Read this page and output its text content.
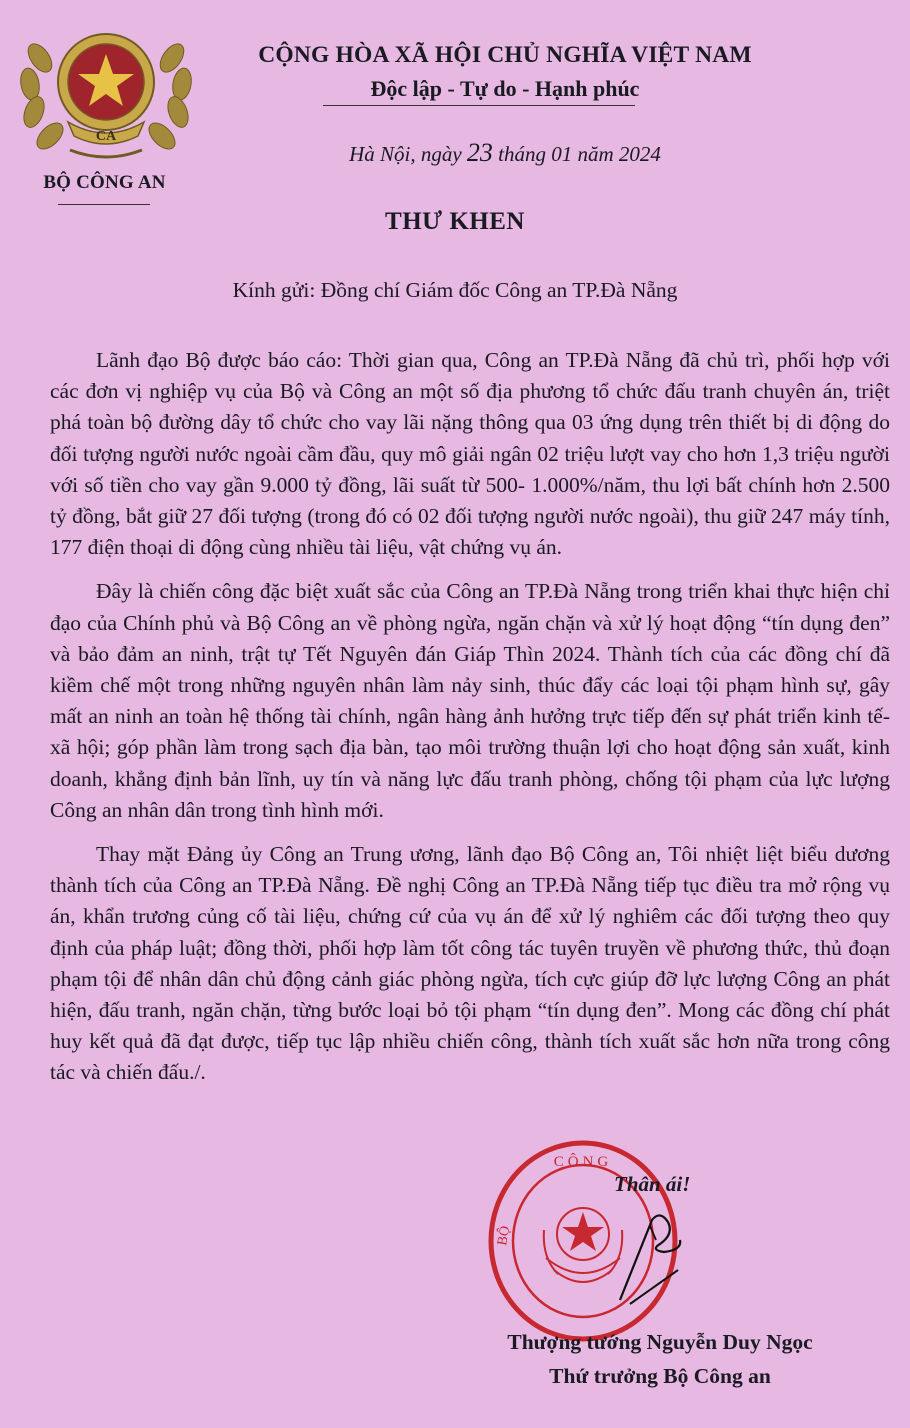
CA
BỘ CÔNG AN
CỘNG HÒA XÃ HỘI CHỦ NGHĨA VIỆT NAM
Độc lập - Tự do - Hạnh phúc
Hà Nội, ngày 23 tháng 01 năm 2024
THƯ KHEN
Kính gửi: Đồng chí Giám đốc Công an TP.Đà Nẵng

Lãnh đạo Bộ được báo cáo: Thời gian qua, Công an TP.Đà Nẵng đã chủ trì, phối hợp với các đơn vị nghiệp vụ của Bộ và Công an một số địa phương tổ chức đấu tranh chuyên án, triệt phá toàn bộ đường dây tổ chức cho vay lãi nặng thông qua 03 ứng dụng trên thiết bị di động do đối tượng người nước ngoài cầm đầu, quy mô giải ngân 02 triệu lượt vay cho hơn 1,3 triệu người với số tiền cho vay gần 9.000 tỷ đồng, lãi suất từ 500- 1.000%/năm, thu lợi bất chính hơn 2.500 tỷ đồng, bắt giữ 27 đối tượng (trong đó có 02 đối tượng người nước ngoài), thu giữ 247 máy tính, 177 điện thoại di động cùng nhiều tài liệu, vật chứng vụ án.

Đây là chiến công đặc biệt xuất sắc của Công an TP.Đà Nẵng trong triển khai thực hiện chỉ đạo của Chính phủ và Bộ Công an về phòng ngừa, ngăn chặn và xử lý hoạt động “tín dụng đen” và bảo đảm an ninh, trật tự Tết Nguyên đán Giáp Thìn 2024. Thành tích của các đồng chí đã kiềm chế một trong những nguyên nhân làm nảy sinh, thúc đẩy các loại tội phạm hình sự, gây mất an ninh an toàn hệ thống tài chính, ngân hàng ảnh hưởng trực tiếp đến sự phát triển kinh tế-xã hội; góp phần làm trong sạch địa bàn, tạo môi trường thuận lợi cho hoạt động sản xuất, kinh doanh, khẳng định bản lĩnh, uy tín và năng lực đấu tranh phòng, chống tội phạm của lực lượng Công an nhân dân trong tình hình mới.

Thay mặt Đảng ủy Công an Trung ương, lãnh đạo Bộ Công an, Tôi nhiệt liệt biểu dương thành tích của Công an TP.Đà Nẵng. Đề nghị Công an TP.Đà Nẵng tiếp tục điều tra mở rộng vụ án, khẩn trương củng cố tài liệu, chứng cứ của vụ án để xử lý nghiêm các đối tượng theo quy định của pháp luật; đồng thời, phối hợp làm tốt công tác tuyên truyền về phương thức, thủ đoạn phạm tội để nhân dân chủ động cảnh giác phòng ngừa, tích cực giúp đỡ lực lượng Công an phát hiện, đấu tranh, ngăn chặn, từng bước loại bỏ tội phạm “tín dụng đen”. Mong các đồng chí phát huy kết quả đã đạt được, tiếp tục lập nhiều chiến công, thành tích xuất sắc hơn nữa trong công tác và chiến đấu./.

CÔNG
BỘ
Thân ái!
Thượng tướng Nguyễn Duy Ngọc
Thứ trưởng Bộ Công an
